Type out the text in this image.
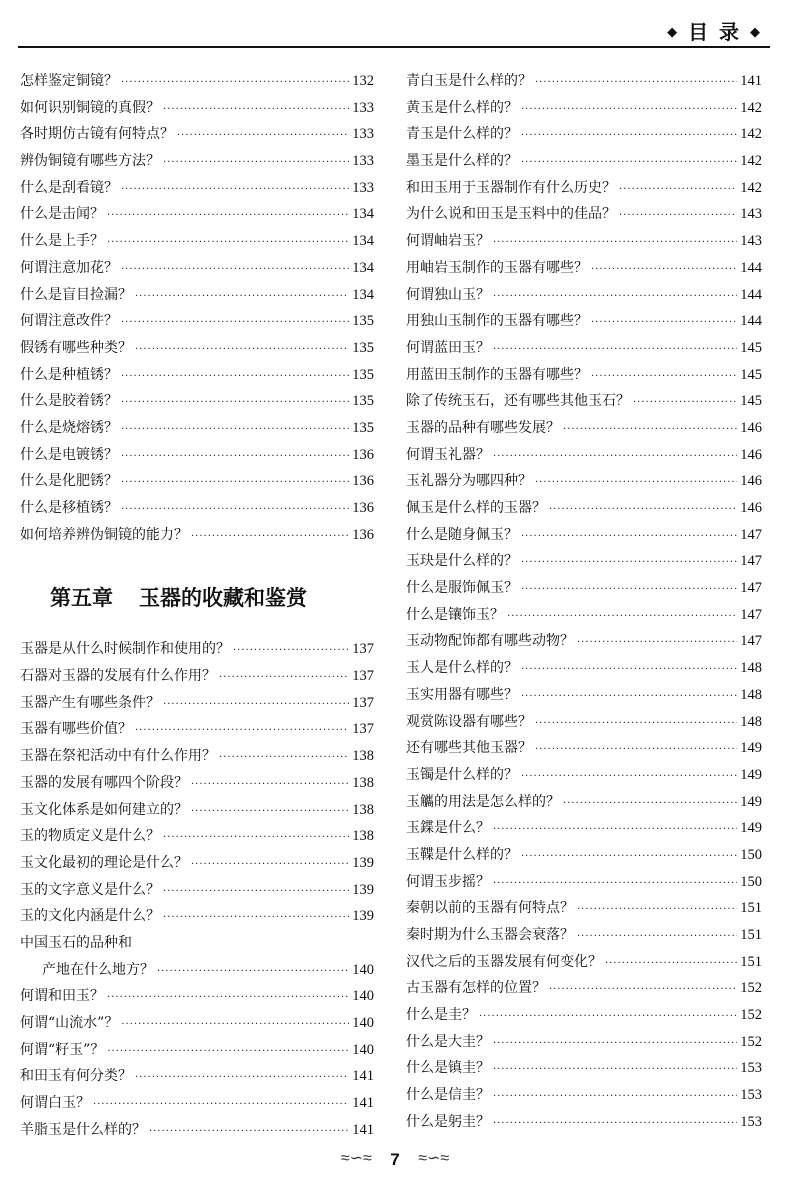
◆ 目 录 ◆
怎样鉴定铜镜？ ·····	132
如何识别铜镜的真假？ ·····	133
各时期仿古镜有何特点？ ·····	133
辨伪铜镜有哪些方法？ ·····	133
什么是刮看镜？ ·····	133
什么是击闻？ ·····	134
什么是上手？ ·····	134
何谓注意加花？ ·····	134
什么是盲目捡漏？ ·····	134
何谓注意改件？ ·····	135
假锈有哪些种类？ ·····	135
什么是种植锈？ ·····	135
什么是胶着锈？ ·····	135
什么是烧熔锈？ ·····	135
什么是电镀锈？ ·····	136
什么是化肥锈？ ·····	136
什么是移植锈？ ·····	136
如何培养辨伪铜镜的能力？ ·····	136
第五章 玉器的收藏和鉴赏
玉器是从什么时候制作和使用的？ ·····	137
石器对玉器的发展有什么作用？ ·····	137
玉器产生有哪些条件？ ·····	137
玉器有哪些价值？ ·····	137
玉器在祭祀活动中有什么作用？ ·····	138
玉器的发展有哪四个阶段？ ·····	138
玉文化体系是如何建立的？ ·····	138
玉的物质定义是什么？ ·····	138
玉文化最初的理论是什么？ ·····	139
玉的文字意义是什么？ ·····	139
玉的文化内涵是什么？ ·····	139
中国玉石的品种和
产地在什么地方？ ·····	140
何谓和田玉？ ·····	140
何谓“山流水”？ ·····	140
何谓“籽玉”？ ·····	140
和田玉有何分类？ ·····	141
何谓白玉？ ·····	141
羊脂玉是什么样的？ ·····	141
青白玉是什么样的？ ·····	141
黄玉是什么样的？ ·····	142
青玉是什么样的？ ·····	142
墨玉是什么样的？ ·····	142
和田玉用于玉器制作有什么历史？ ·····	142
为什么说和田玉是玉料中的佳品？ ·····	143
何谓岫岩玉？ ·····	143
用岫岩玉制作的玉器有哪些？ ·····	144
何谓独山玉？ ·····	144
用独山玉制作的玉器有哪些？ ·····	144
何谓蓝田玉？ ·····	145
用蓝田玉制作的玉器有哪些？ ·····	145
除了传统玉石，还有哪些其他玉石？ ·····	145
玉器的品种有哪些发展？ ·····	146
何谓玉礼器？ ·····	146
玉礼器分为哪四种？ ·····	146
佩玉是什么样的玉器？ ·····	146
什么是随身佩玉？ ·····	147
玉玦是什么样的？ ·····	147
什么是服饰佩玉？ ·····	147
什么是镶饰玉？ ·····	147
玉动物配饰都有哪些动物？ ·····	147
玉人是什么样的？ ·····	148
玉实用器有哪些？ ·····	148
观赏陈设器有哪些？ ·····	148
还有哪些其他玉器？ ·····	149
玉镯是什么样的？ ·····	149
玉觿的用法是怎么样的？ ·····	149
玉鍱是什么？ ·····	149
玉鞢是什么样的？ ·····	150
何谓玉步摇？ ·····	150
秦朝以前的玉器有何特点？ ·····	151
秦时期为什么玉器会衰落？ ·····	151
汉代之后的玉器发展有何变化？ ·····	151
古玉器有怎样的位置？ ·····	152
什么是圭？ ·····	152
什么是大圭？ ·····	152
什么是镇圭？ ·····	153
什么是信圭？ ·····	153
什么是躬圭？ ·····	153
≈∽≈ 7 ≈∽≈
